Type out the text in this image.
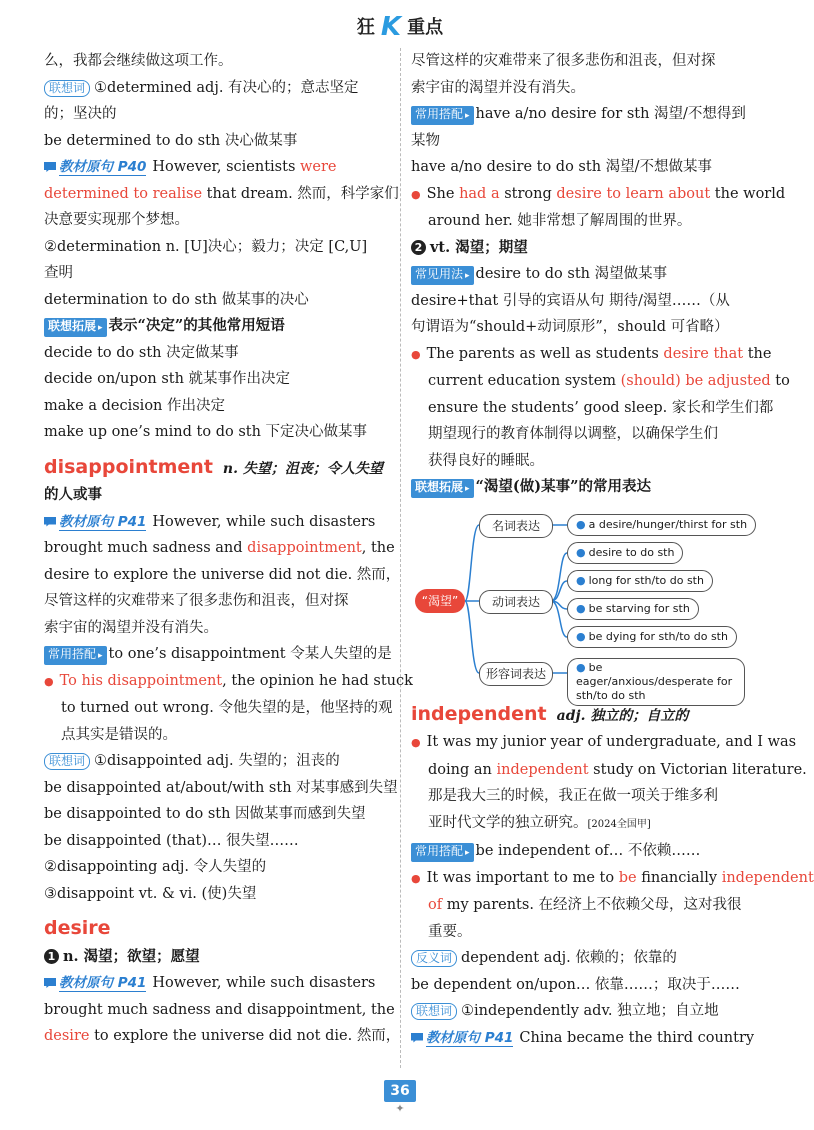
狂 K 重点

么，我都会继续做这项工作。

联想词 ①determined adj. 有决心的；意志坚定

的；坚决的

be determined to do sth 决心做某事

教材原句 P40 However, scientists were

determined to realise that dream. 然而，科学家们

决意要实现那个梦想。

②determination n. [U]决心；毅力；决定 [C,U]

查明

determination to do sth 做某事的决心

联想拓展 ▸ 表示“决定”的其他常用短语

decide to do sth 决定做某事

decide on/upon sth 就某事作出决定

make a decision 作出决定

make up one’s mind to do sth 下定决心做某事

disappointment n. 失望；沮丧；令人失望

的人或事

教材原句 P41 However, while such disasters

brought much sadness and disappointment, the

desire to explore the universe did not die. 然而，

尽管这样的灾难带来了很多悲伤和沮丧，但对探

索宇宙的渴望并没有消失。

常用搭配 ▸ to one’s disappointment 令某人失望的是

● To his disappointment, the opinion he had stuck

to turned out wrong. 令他失望的是，他坚持的观

点其实是错误的。

联想词 ①disappointed adj. 失望的；沮丧的

be disappointed at/about/with sth 对某事感到失望

be disappointed to do sth 因做某事而感到失望

be disappointed (that)… 很失望……

②disappointing adj. 令人失望的

③disappoint vt. & vi. (使)失望

desire

1 n. 渴望；欲望；愿望

教材原句 P41 However, while such disasters

brought much sadness and disappointment, the

desire to explore the universe did not die. 然而，

尽管这样的灾难带来了很多悲伤和沮丧，但对探

索宇宙的渴望并没有消失。

常用搭配 ▸ have a/no desire for sth 渴望/不想得到

某物

have a/no desire to do sth 渴望/不想做某事

● She had a strong desire to learn about the world

around her. 她非常想了解周围的世界。

2 vt. 渴望；期望

常见用法 ▸ desire to do sth 渴望做某事

desire+that 引导的宾语从句 期待/渴望……（从

句谓语为“should+动词原形”，should 可省略）

● The parents as well as students desire that the

current education system (should) be adjusted to

ensure the students’ good sleep. 家长和学生们都

期望现行的教育体制得以调整，以确保学生们

获得良好的睡眠。

联想拓展 ▸ “渴望(做)某事”的常用表达

“渴望”
名词表达
动词表达
形容词表达
● a desire/hunger/thirst for sth
● desire to do sth
● long for sth/to do sth
● be starving for sth
● be dying for sth/to do sth
● be eager/anxious/desperate for sth/to do sth

independent adj. 独立的；自立的

● It was my junior year of undergraduate, and I was

doing an independent study on Victorian literature.

那是我大三的时候，我正在做一项关于维多利

亚时代文学的独立研究。[2024全国甲]

常用搭配 ▸ be independent of… 不依赖……

● It was important to me to be financially independent

of my parents. 在经济上不依赖父母，这对我很

重要。

反义词 dependent adj. 依赖的；依靠的

be dependent on/upon… 依靠……；取决于……

联想词 ①independently adv. 独立地；自立地

教材原句 P41 China became the third country

36
✦
